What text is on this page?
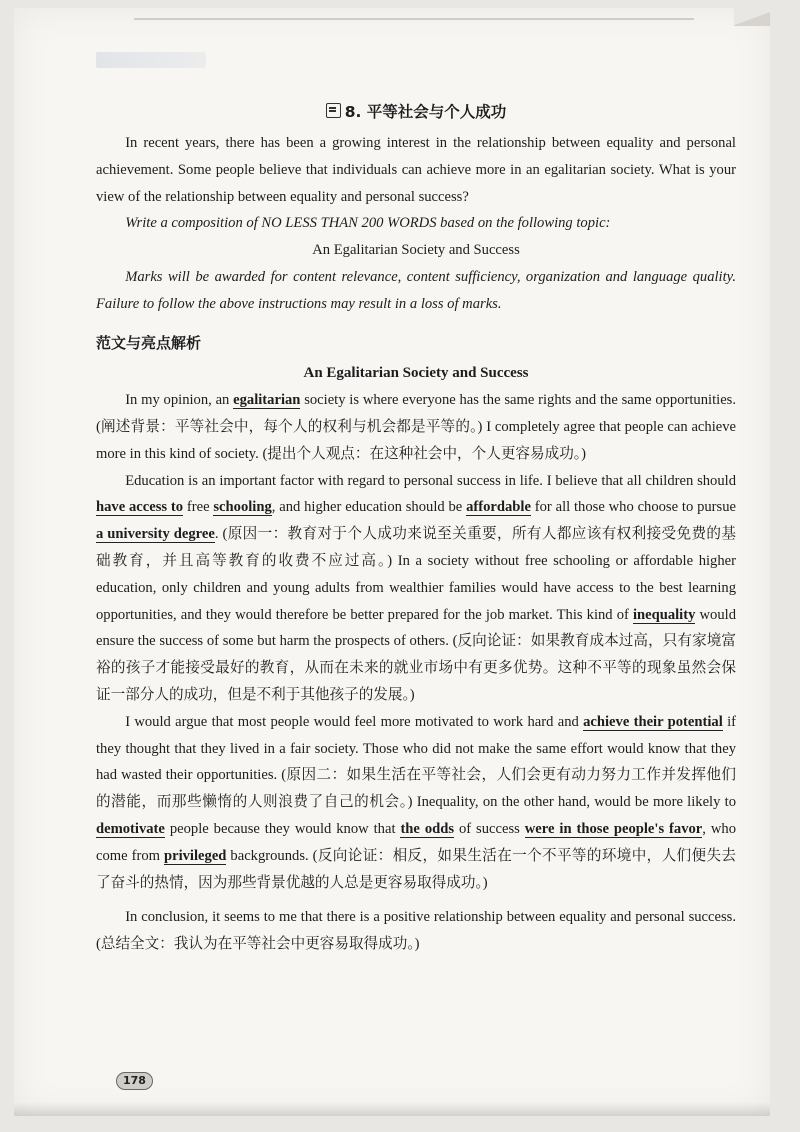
8. 平等社会与个人成功

In recent years, there has been a growing interest in the relationship between equality and personal achievement. Some people believe that individuals can achieve more in an egalitarian society. What is your view of the relationship between equality and personal success?

Write a composition of NO LESS THAN 200 WORDS based on the following topic:

An Egalitarian Society and Success

Marks will be awarded for content relevance, content sufficiency, organization and language quality. Failure to follow the above instructions may result in a loss of marks.

范文与亮点解析
An Egalitarian Society and Success

In my opinion, an egalitarian society is where everyone has the same rights and the same opportunities. (阐述背景：平等社会中，每个人的权利与机会都是平等的。) I completely agree that people can achieve more in this kind of society. (提出个人观点：在这种社会中，个人更容易成功。)

Education is an important factor with regard to personal success in life. I believe that all children should have access to free schooling, and higher education should be affordable for all those who choose to pursue a university degree. (原因一：教育对于个人成功来说至关重要，所有人都应该有权利接受免费的基础教育，并且高等教育的收费不应过高。) In a society without free schooling or affordable higher education, only children and young adults from wealthier families would have access to the best learning opportunities, and they would therefore be better prepared for the job market. This kind of inequality would ensure the success of some but harm the prospects of others. (反向论证：如果教育成本过高，只有家境富裕的孩子才能接受最好的教育，从而在未来的就业市场中有更多优势。这种不平等的现象虽然会保证一部分人的成功，但是不利于其他孩子的发展。)

I would argue that most people would feel more motivated to work hard and achieve their potential if they thought that they lived in a fair society. Those who did not make the same effort would know that they had wasted their opportunities. (原因二：如果生活在平等社会，人们会更有动力努力工作并发挥他们的潜能，而那些懒惰的人则浪费了自己的机会。) Inequality, on the other hand, would be more likely to demotivate people because they would know that the odds of success were in those people's favor, who come from privileged backgrounds. (反向论证：相反，如果生活在一个不平等的环境中，人们便失去了奋斗的热情，因为那些背景优越的人总是更容易取得成功。)

In conclusion, it seems to me that there is a positive relationship between equality and personal success. (总结全文：我认为在平等社会中更容易取得成功。)

178
